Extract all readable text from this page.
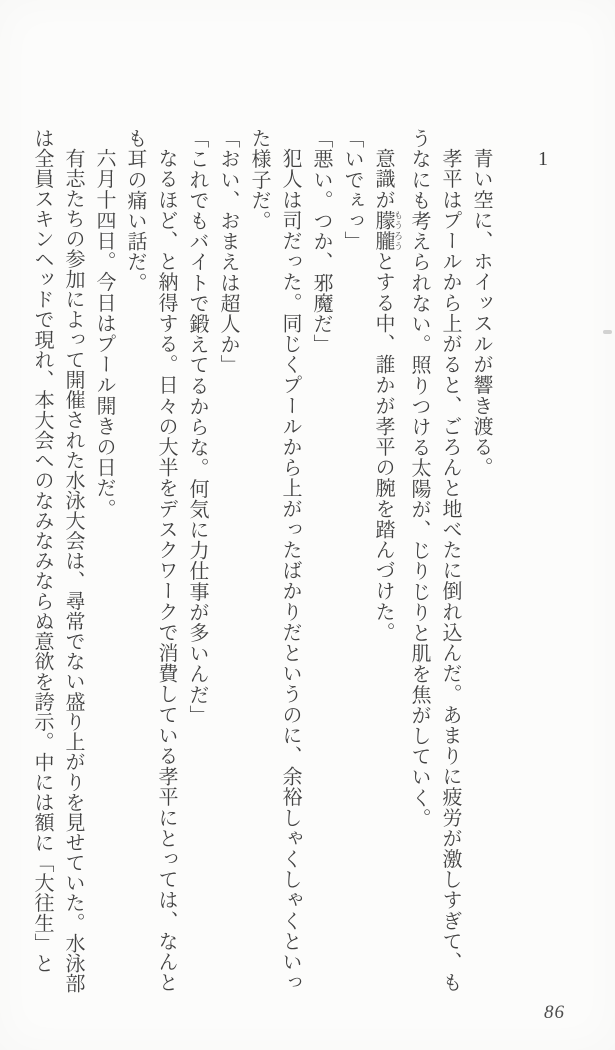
1

青い空に、ホイッスルが響き渡る。

孝平はプールから上がると、ごろんと地べたに倒れ込んだ。あまりに疲労が激しすぎて、もうなにも考えられない。照りつける太陽が、じりじりと肌を焦がしていく。

意識が朦朧 もうろうとする中、誰かが孝平の腕を踏んづけた。

「いでぇっ」

「悪い。つか、邪魔だ」

犯人は司だった。同じくプールから上がったばかりだというのに、余裕しゃくしゃくといった様子だ。

「おい、おまえは超人か」

「これでもバイトで鍛えてるからな。何気に力仕事が多いんだ」

なるほど、と納得する。日々の大半をデスクワークで消費している孝平にとっては、なんとも耳の痛い話だ。

六月十四日。今日はプール開きの日だ。

有志たちの参加によって開催された水泳大会は、尋常でない盛り上がりを見せていた。水泳部は全員スキンヘッドで現れ、本大会へのなみなみならぬ意欲を誇示。中には額に「大往生」と

86
